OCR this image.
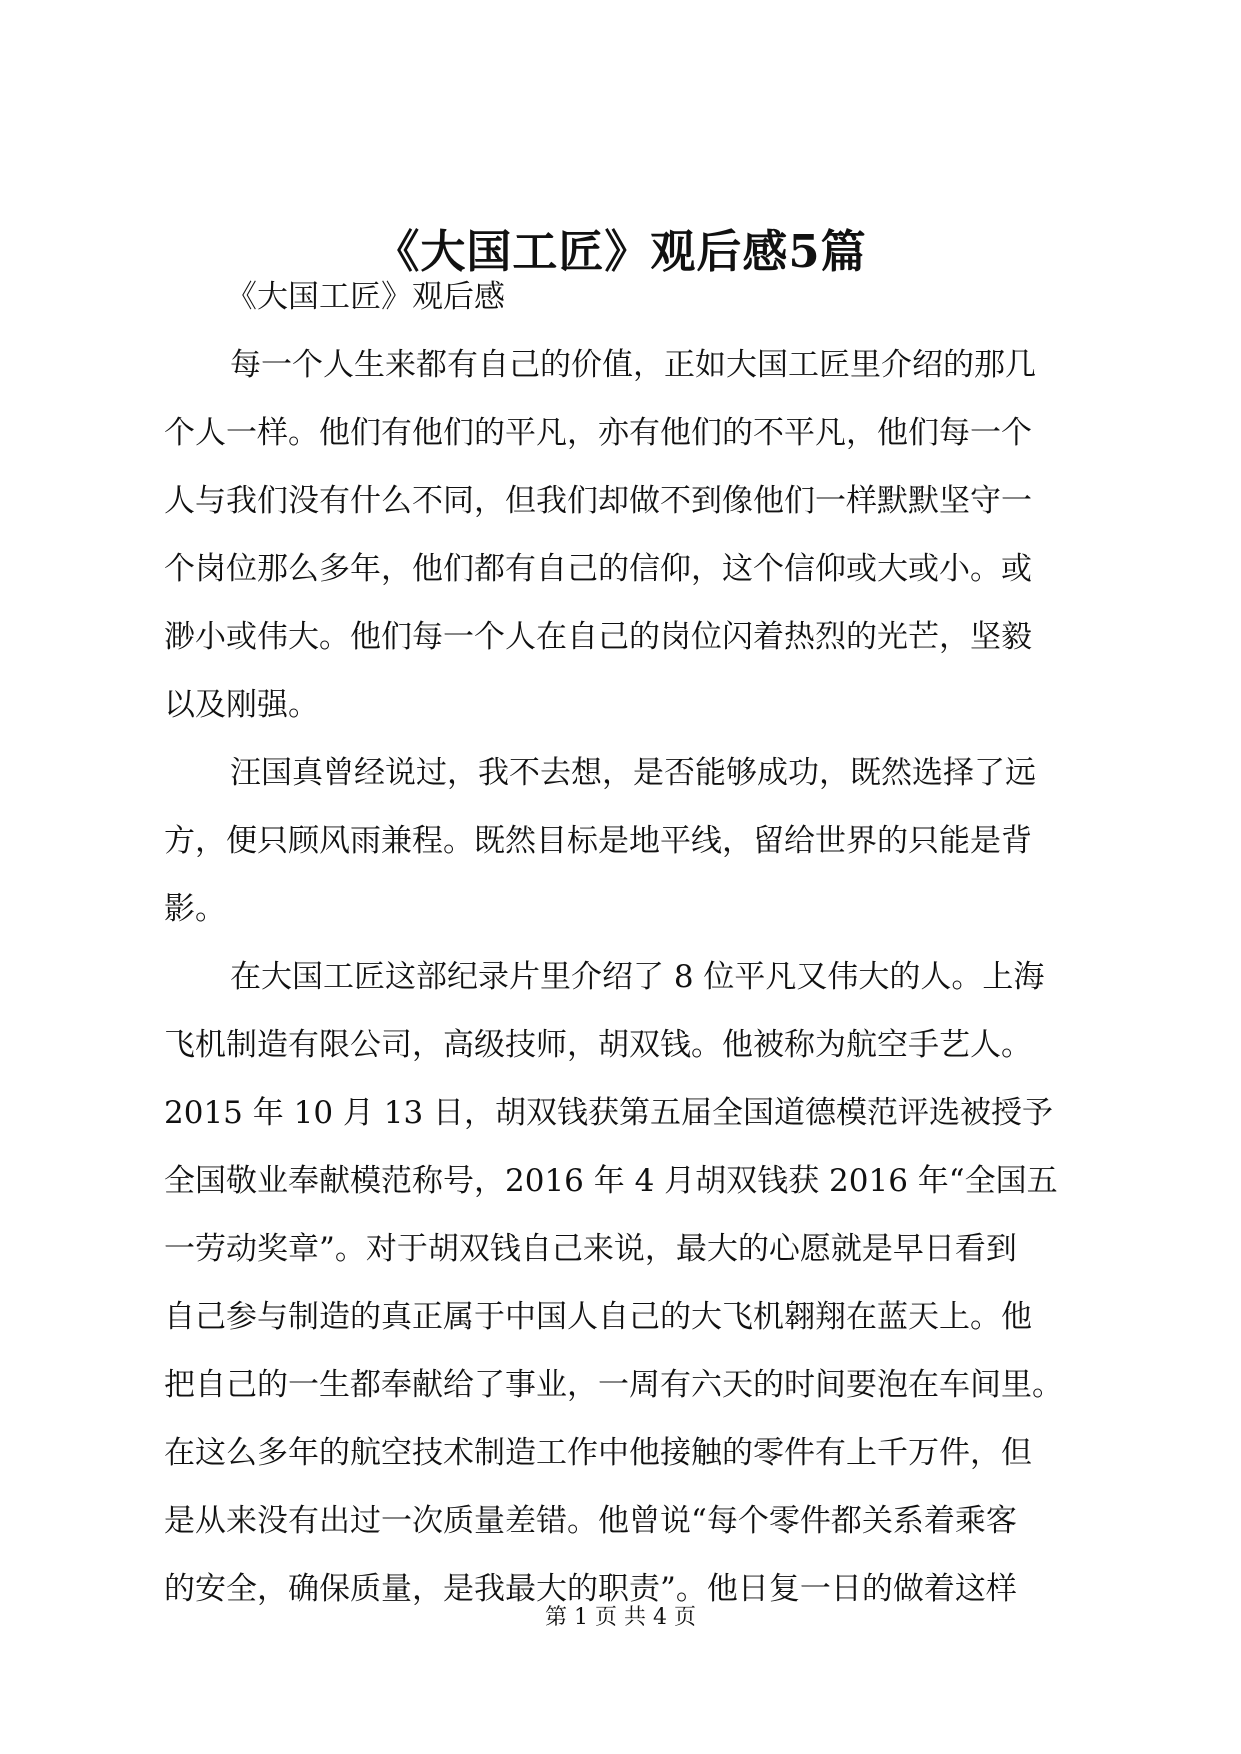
《大国工匠》观后感5篇
《大国工匠》观后感
每一个人生来都有自己的价值，正如大国工匠里介绍的那几
个人一样。他们有他们的平凡，亦有他们的不平凡，他们每一个
人与我们没有什么不同，但我们却做不到像他们一样默默坚守一
个岗位那么多年，他们都有自己的信仰，这个信仰或大或小。或
渺小或伟大。他们每一个人在自己的岗位闪着热烈的光芒，坚毅
以及刚强。
汪国真曾经说过，我不去想，是否能够成功，既然选择了远
方，便只顾风雨兼程。既然目标是地平线，留给世界的只能是背
影。
在大国工匠这部纪录片里介绍了 8 位平凡又伟大的人。上海
飞机制造有限公司，高级技师，胡双钱。他被称为航空手艺人。
2015 年 10 月 13 日，胡双钱获第五届全国道德模范评选被授予
全国敬业奉献模范称号，2016 年 4 月胡双钱获 2016 年“全国五
一劳动奖章”。对于胡双钱自己来说，最大的心愿就是早日看到
自己参与制造的真正属于中国人自己的大飞机翱翔在蓝天上。他
把自己的一生都奉献给了事业，一周有六天的时间要泡在车间里。
在这么多年的航空技术制造工作中他接触的零件有上千万件，但
是从来没有出过一次质量差错。他曾说“每个零件都关系着乘客
的安全，确保质量，是我最大的职责”。他日复一日的做着这样
第 1 页 共 4 页
